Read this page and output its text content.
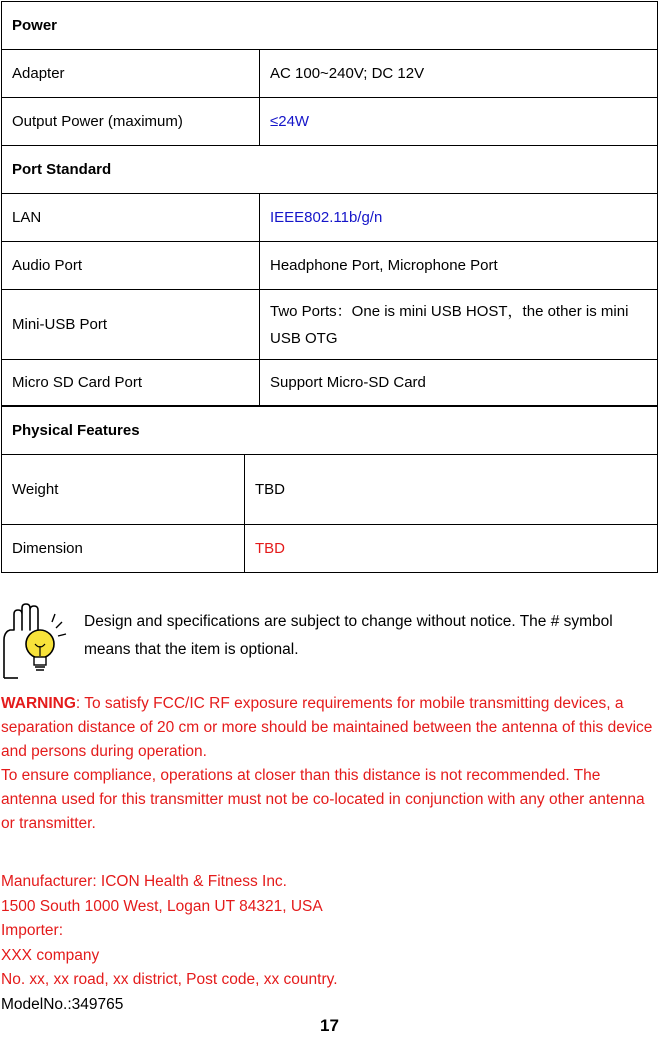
Power	
Adapter	AC 100~240V; DC 12V
Output Power (maximum)	≤24W
Port Standard	
LAN	IEEE802.11b/g/n
Audio Port	Headphone Port, Microphone Port
Mini-USB Port	Two Ports：One is mini USB HOST，the other is mini USB OTG
Micro SD Card Port	Support Micro-SD Card
Physical Features	
Weight	TBD
Dimension	TBD
Design and specifications are subject to change without notice. The # symbol means that the item is optional.
WARNING: To satisfy FCC/IC RF exposure requirements for mobile transmitting devices, a separation distance of 20 cm or more should be maintained between the antenna of this device and persons during operation.
To ensure compliance, operations at closer than this distance is not recommended. The antenna used for this transmitter must not be co-located in conjunction with any other antenna or transmitter.
Manufacturer: ICON Health & Fitness Inc.
1500 South 1000 West, Logan UT 84321, USA
Importer:
XXX company
No. xx, xx road, xx district, Post code, xx country.
ModelNo.:349765
17
